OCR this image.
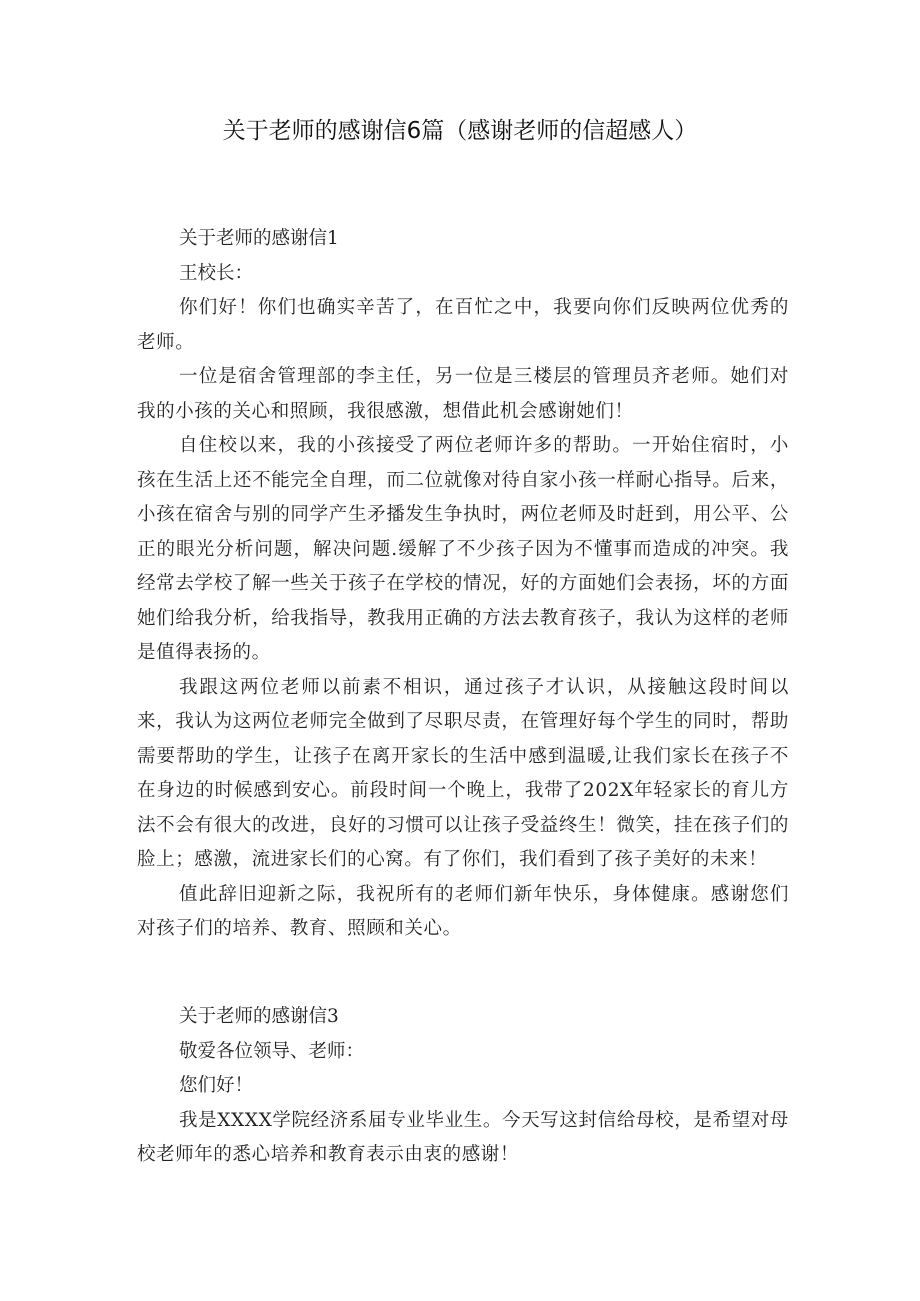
关于老师的感谢信6篇（感谢老师的信超感人）
关于老师的感谢信1
王校长：

你们好！你们也确实辛苦了，在百忙之中，我要向你们反映两位优秀的老师。

一位是宿舍管理部的李主任，另一位是三楼层的管理员齐老师。她们对我的小孩的关心和照顾，我很感激，想借此机会感谢她们！

自住校以来，我的小孩接受了两位老师许多的帮助。一开始住宿时，小孩在生活上还不能完全自理，而二位就像对待自家小孩一样耐心指导。后来，小孩在宿舍与别的同学产生矛播发生争执时，两位老师及时赶到，用公平、公正的眼光分析问题，解决问题.缓解了不少孩子因为不懂事而造成的冲突。我经常去学校了解一些关于孩子在学校的情况，好的方面她们会表扬，坏的方面她们给我分析，给我指导，教我用正确的方法去教育孩子，我认为这样的老师是值得表扬的。

我跟这两位老师以前素不相识，通过孩子才认识，从接触这段时间以来，我认为这两位老师完全做到了尽职尽责，在管理好每个学生的同时，帮助需要帮助的学生，让孩子在离开家长的生活中感到温暖,让我们家长在孩子不在身边的时候感到安心。前段时间一个晚上，我带了202X年轻家长的育儿方法不会有很大的改进，良好的习惯可以让孩子受益终生！微笑，挂在孩子们的脸上；感激，流进家长们的心窝。有了你们，我们看到了孩子美好的未来！

值此辞旧迎新之际，我祝所有的老师们新年快乐，身体健康。感谢您们对孩子们的培养、教育、照顾和关心。

关于老师的感谢信3
敬爱各位领导、老师：
您们好！

我是XXXX学院经济系届专业毕业生。今天写这封信给母校，是希望对母校老师年的悉心培养和教育表示由衷的感谢！
